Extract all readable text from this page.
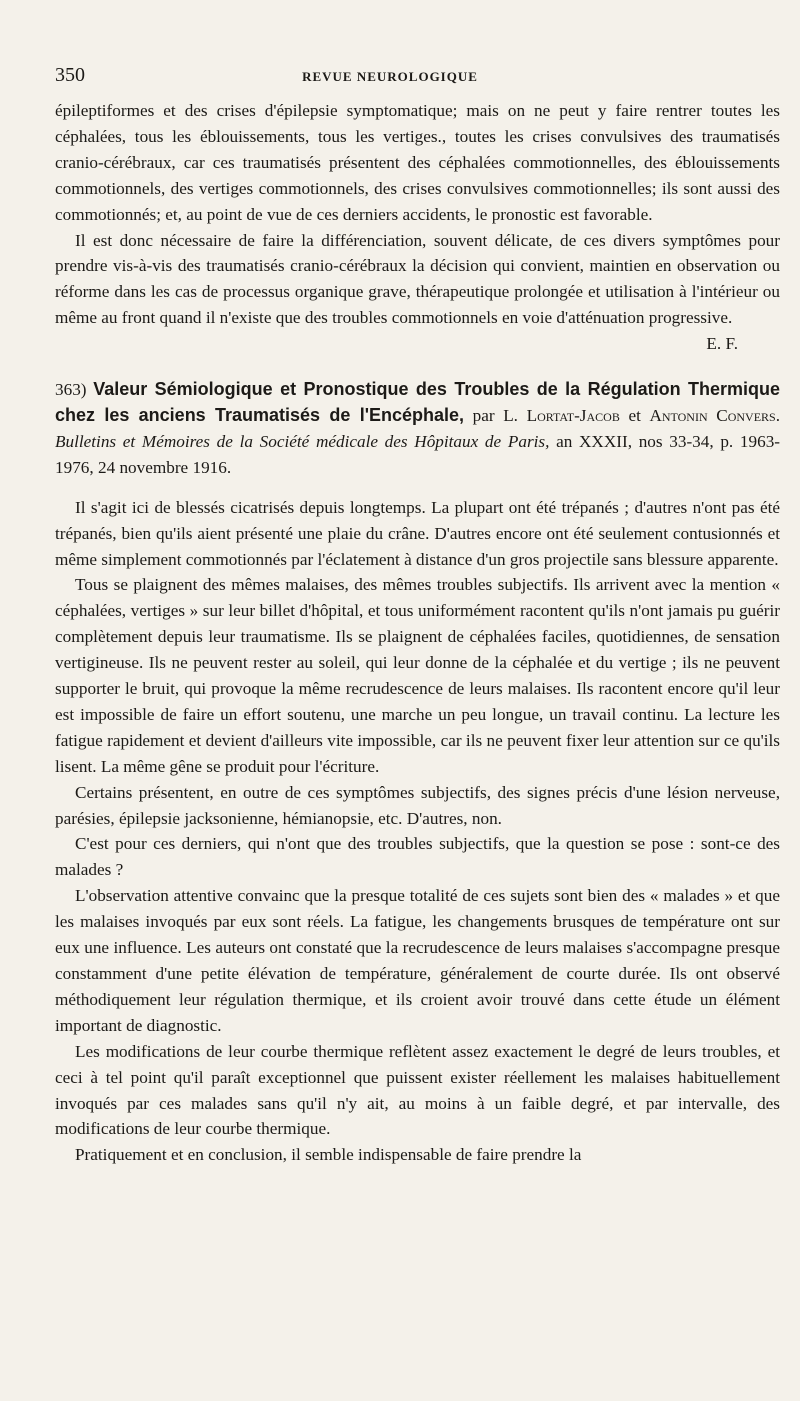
350	REVUE NEUROLOGIQUE

épileptiformes et des crises d'épilepsie symptomatique; mais on ne peut y faire rentrer toutes les céphalées, tous les éblouissements, tous les vertiges., toutes les crises convulsives des traumatisés cranio-cérébraux, car ces traumatisés présentent des céphalées commotionnelles, des éblouissements commotionnels, des vertiges commotionnels, des crises convulsives commotionnelles; ils sont aussi des commotionnés; et, au point de vue de ces derniers accidents, le pronostic est favorable.

Il est donc nécessaire de faire la différenciation, souvent délicate, de ces divers symptômes pour prendre vis-à-vis des traumatisés cranio-cérébraux la décision qui convient, maintien en observation ou réforme dans les cas de processus organique grave, thérapeutique prolongée et utilisation à l'intérieur ou même au front quand il n'existe que des troubles commotionnels en voie d'atténuation progressive.

E. F.

363) Valeur Sémiologique et Pronostique des Troubles de la Régulation Thermique chez les anciens Traumatisés de l'Encéphale, par L. Lortat-Jacob et Antonin Convers. Bulletins et Mémoires de la Société médicale des Hôpitaux de Paris, an XXXII, nos 33-34, p. 1963-1976, 24 novembre 1916.

Il s'agit ici de blessés cicatrisés depuis longtemps. La plupart ont été trépanés ; d'autres n'ont pas été trépanés, bien qu'ils aient présenté une plaie du crâne. D'autres encore ont été seulement contusionnés et même simplement commotionnés par l'éclatement à distance d'un gros projectile sans blessure apparente.

Tous se plaignent des mêmes malaises, des mêmes troubles subjectifs. Ils arrivent avec la mention « céphalées, vertiges » sur leur billet d'hôpital, et tous uniformément racontent qu'ils n'ont jamais pu guérir complètement depuis leur traumatisme. Ils se plaignent de céphalées faciles, quotidiennes, de sensation vertigineuse. Ils ne peuvent rester au soleil, qui leur donne de la céphalée et du vertige ; ils ne peuvent supporter le bruit, qui provoque la même recrudescence de leurs malaises. Ils racontent encore qu'il leur est impossible de faire un effort soutenu, une marche un peu longue, un travail continu. La lecture les fatigue rapidement et devient d'ailleurs vite impossible, car ils ne peuvent fixer leur attention sur ce qu'ils lisent. La même gêne se produit pour l'écriture.

Certains présentent, en outre de ces symptômes subjectifs, des signes précis d'une lésion nerveuse, parésies, épilepsie jacksonienne, hémianopsie, etc. D'autres, non.

C'est pour ces derniers, qui n'ont que des troubles subjectifs, que la question se pose : sont-ce des malades ?

L'observation attentive convainc que la presque totalité de ces sujets sont bien des « malades » et que les malaises invoqués par eux sont réels. La fatigue, les changements brusques de température ont sur eux une influence. Les auteurs ont constaté que la recrudescence de leurs malaises s'accompagne presque constamment d'une petite élévation de température, généralement de courte durée. Ils ont observé méthodiquement leur régulation thermique, et ils croient avoir trouvé dans cette étude un élément important de diagnostic.

Les modifications de leur courbe thermique reflètent assez exactement le degré de leurs troubles, et ceci à tel point qu'il paraît exceptionnel que puissent exister réellement les malaises habituellement invoqués par ces malades sans qu'il n'y ait, au moins à un faible degré, et par intervalle, des modifications de leur courbe thermique.

Pratiquement et en conclusion, il semble indispensable de faire prendre la
